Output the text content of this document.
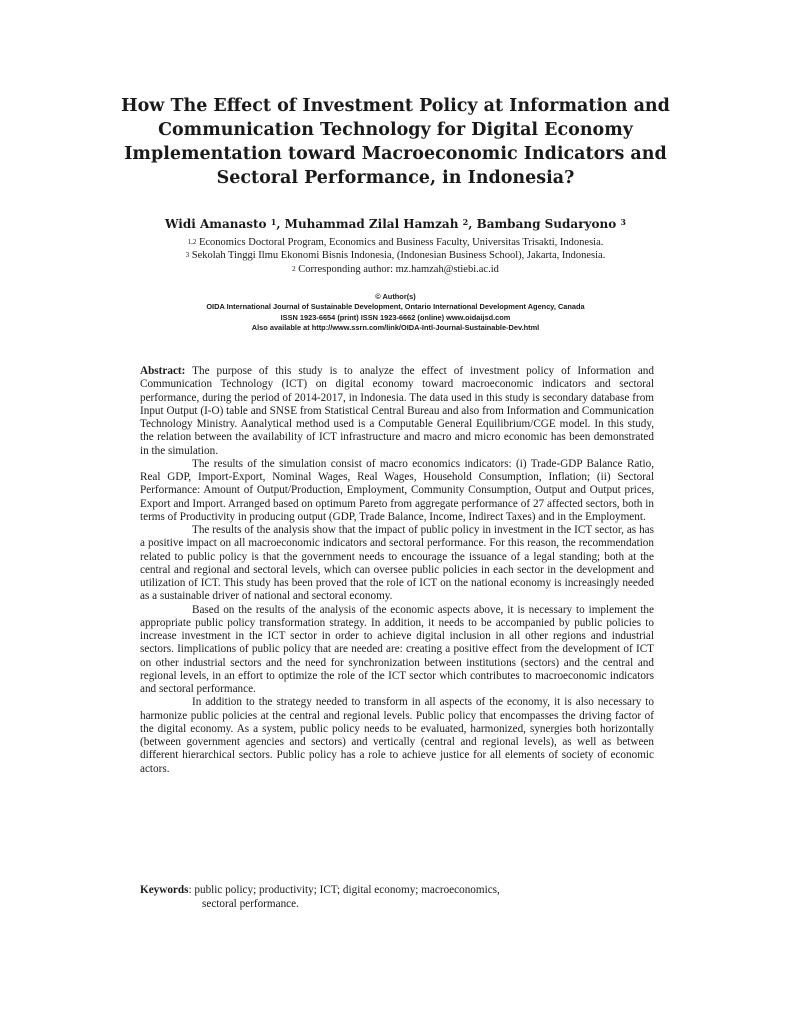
How The Effect of Investment Policy at Information and
Communication Technology for Digital Economy
Implementation toward Macroeconomic Indicators and
Sectoral Performance, in Indonesia?
Widi Amanasto $^1$, Muhammad Zilal Hamzah $^2$, Bambang Sudaryono $^3$
$^{1,2}$ Economics Doctoral Program, Economics and Business Faculty, Universitas Trisakti, Indonesia.
$^3$ Sekolah Tinggi Ilmu Ekonomi Bisnis Indonesia, (Indonesian Business School), Jakarta, Indonesia.
$^2$ Corresponding author: mz.hamzah@stiebi.ac.id
© Author(s)
OIDA International Journal of Sustainable Development, Ontario International Development Agency, Canada
ISSN 1923-6654 (print) ISSN 1923-6662 (online) www.oidaijsd.com
Also available at http://www.ssrn.com/link/OIDA-Intl-Journal-Sustainable-Dev.html

Abstract: The purpose of this study is to analyze the effect of investment policy of Information and Communication Technology (ICT) on digital economy toward macroeconomic indicators and sectoral performance, during the period of 2014-2017, in Indonesia. The data used in this study is secondary database from Input Output (I-O) table and SNSE from Statistical Central Bureau and also from Information and Communication Technology Ministry. Aanalytical method used is a Computable General Equilibrium/CGE model. In this study, the relation between the availability of ICT infrastructure and macro and micro economic has been demonstrated in the simulation.

The results of the simulation consist of macro economics indicators: (i) Trade-GDP Balance Ratio, Real GDP, Import-Export, Nominal Wages, Real Wages, Household Consumption, Inflation; (ii) Sectoral Performance: Amount of Output/Production, Employment, Community Consumption, Output and Output prices, Export and Import. Arranged based on optimum Pareto from aggregate performance of 27 affected sectors, both in terms of Productivity in producing output (GDP, Trade Balance, Income, Indirect Taxes) and in the Employment.

The results of the analysis show that the impact of public policy in investment in the ICT sector, as has a positive impact on all macroeconomic indicators and sectoral performance. For this reason, the recommendation related to public policy is that the government needs to encourage the issuance of a legal standing; both at the central and regional and sectoral levels, which can oversee public policies in each sector in the development and utilization of ICT. This study has been proved that the role of ICT on the national economy is increasingly needed as a sustainable driver of national and sectoral economy.

Based on the results of the analysis of the economic aspects above, it is necessary to implement the appropriate public policy transformation strategy. In addition, it needs to be accompanied by public policies to increase investment in the ICT sector in order to achieve digital inclusion in all other regions and industrial sectors. Iimplications of public policy that are needed are: creating a positive effect from the development of ICT on other industrial sectors and the need for synchronization between institutions (sectors) and the central and regional levels, in an effort to optimize the role of the ICT sector which contributes to macroeconomic indicators and sectoral performance.

In addition to the strategy needed to transform in all aspects of the economy, it is also necessary to harmonize public policies at the central and regional levels. Public policy that encompasses the driving factor of the digital economy. As a system, public policy needs to be evaluated, harmonized, synergies both horizontally (between government agencies and sectors) and vertically (central and regional levels), as well as between different hierarchical sectors. Public policy has a role to achieve justice for all elements of society of economic actors.

Keywords: public policy; productivity; ICT; digital economy; macroeconomics,
sectoral performance.
